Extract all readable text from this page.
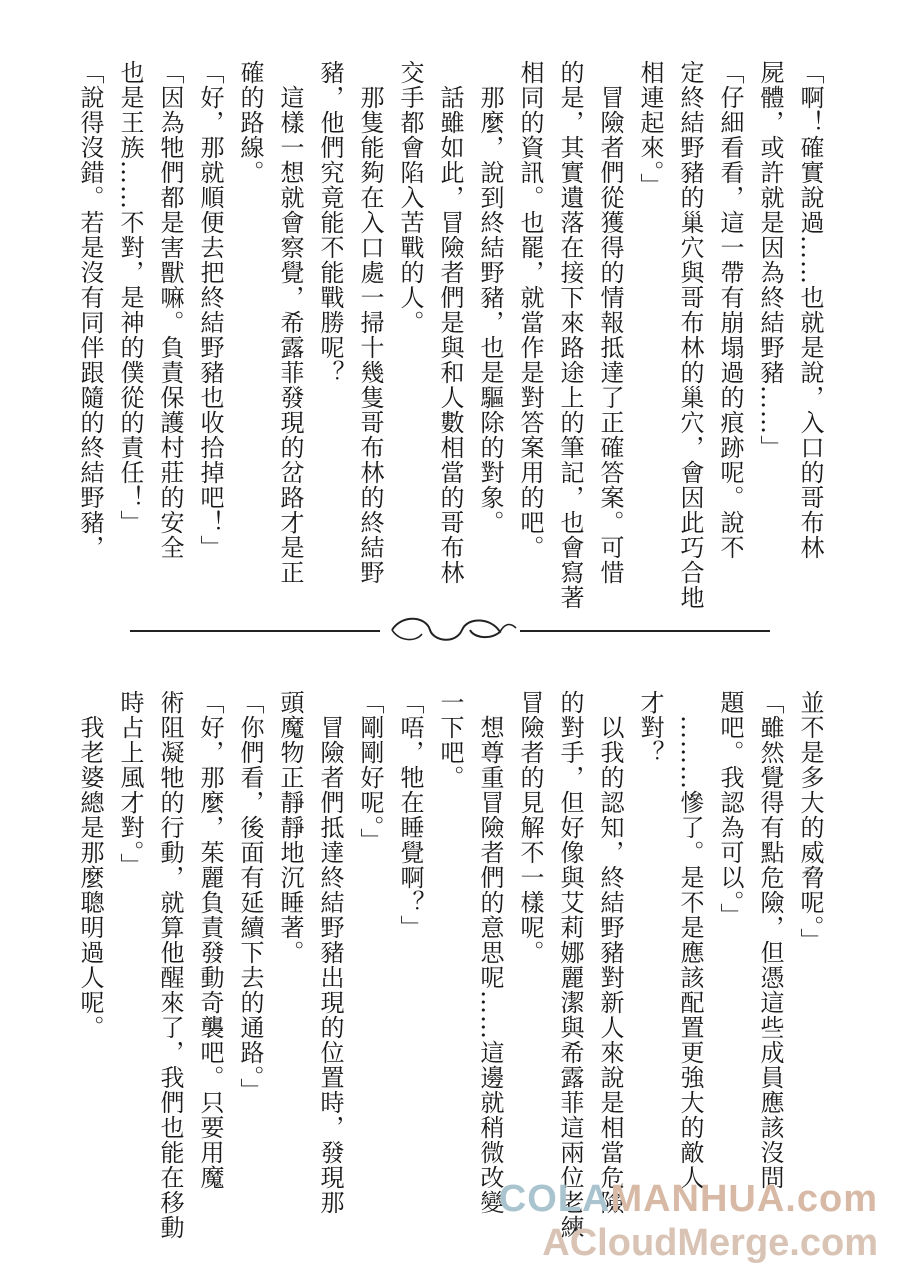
「啊！確實說過……也就是說，入口的哥布林

屍體，或許就是因為終結野豬……」

「仔細看看，這一帶有崩塌過的痕跡呢。說不

定終結野豬的巢穴與哥布林的巢穴，會因此巧合地

相連起來。」

　冒險者們從獲得的情報抵達了正確答案。可惜

的是，其實遺落在接下來路途上的筆記，也會寫著

相同的資訊。也罷，就當作是對答案用的吧。

　那麼，說到終結野豬，也是驅除的對象。

　話雖如此，冒險者們是與和人數相當的哥布林

交手都會陷入苦戰的人。

　那隻能夠在入口處一掃十幾隻哥布林的終結野

豬，他們究竟能不能戰勝呢？

　這樣一想就會察覺，希露菲發現的岔路才是正

確的路線。

「好，那就順便去把終結野豬也收拾掉吧！」

「因為牠們都是害獸嘛。負責保護村莊的安全

也是王族……不對，是神的僕從的責任！」

「說得沒錯。若是沒有同伴跟隨的終結野豬，

並不是多大的威脅呢。」

「雖然覺得有點危險，但憑這些成員應該沒問

題吧。我認為可以。」

　………慘了。是不是應該配置更強大的敵人

才對？

　以我的認知，終結野豬對新人來說是相當危險

的對手，但好像與艾莉娜麗潔與希露菲這兩位老練

冒險者的見解不一樣呢。

　想尊重冒險者們的意思呢……這邊就稍微改變

一下吧。

「唔，牠在睡覺啊？」

「剛剛好呢。」

　冒險者們抵達終結野豬出現的位置時，發現那

頭魔物正靜靜地沉睡著。

「你們看，後面有延續下去的通路。」

「好，那麼，茱麗負責發動奇襲吧。只要用魔

術阻凝牠的行動，就算他醒來了，我們也能在移動

時占上風才對。」

　我老婆總是那麼聰明過人呢。

COLAMANHUA.com
ACloudMerge.com
